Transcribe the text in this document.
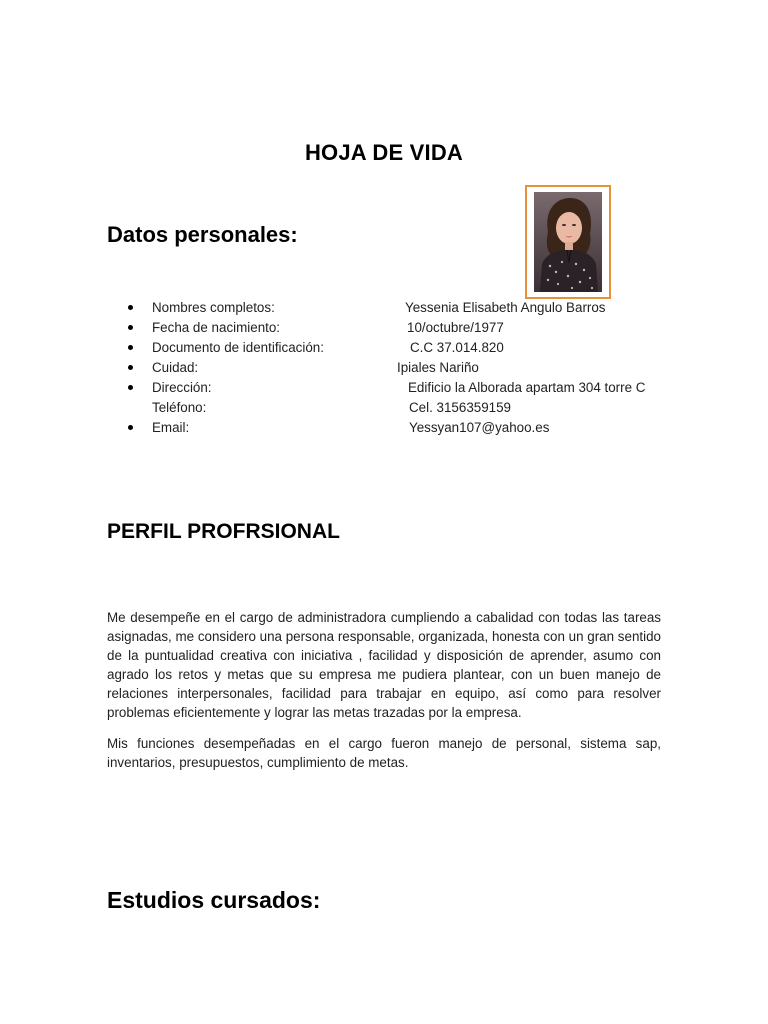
HOJA DE VIDA
Datos personales:
Nombres completos:	Yessenia Elisabeth Angulo Barros
Fecha de nacimiento:	10/octubre/1977
Documento de identificación:	C.C 37.014.820
Cuidad:	Ipiales Nariño
Dirección:	Edificio la Alborada apartam 304 torre C
Teléfono:	Cel. 3156359159
Email:	Yessyan107@yahoo.es
PERFIL PROFRSIONAL

Me desempeñe en el cargo de administradora cumpliendo a cabalidad con todas las tareas asignadas, me considero una persona responsable, organizada, honesta con un gran sentido de la puntualidad creativa con iniciativa , facilidad y disposición de aprender, asumo con agrado los retos y metas que su empresa me pudiera plantear, con un buen manejo de relaciones interpersonales, facilidad para trabajar en equipo, así como para resolver problemas eficientemente y lograr las metas trazadas por la empresa.

Mis funciones desempeñadas en el cargo fueron manejo de personal, sistema sap, inventarios, presupuestos, cumplimiento de metas.

Estudios cursados:
